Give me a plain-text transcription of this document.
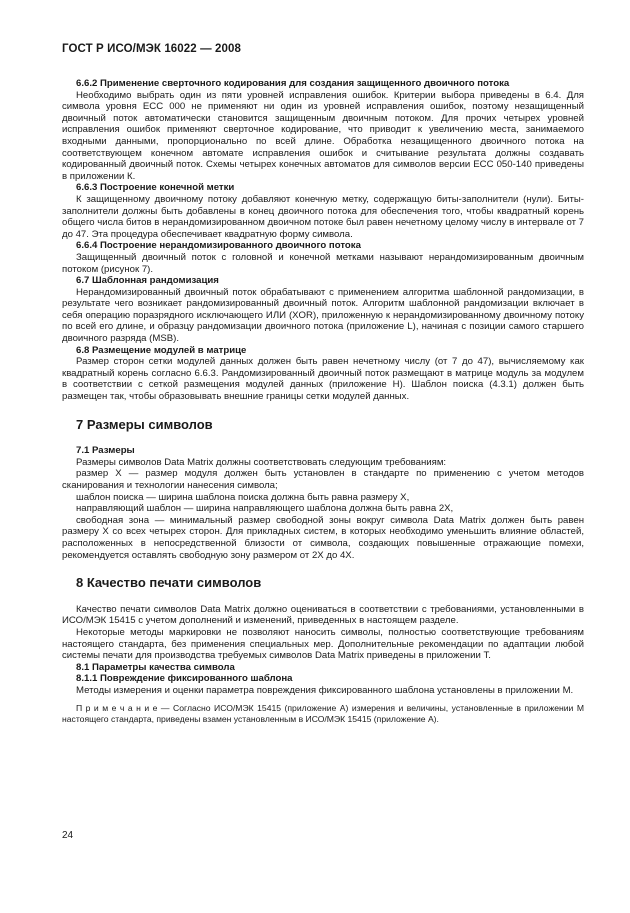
ГОСТ Р ИСО/МЭК 16022 — 2008

6.6.2 Применение сверточного кодирования для создания защищенного двоичного потока

Необходимо выбрать один из пяти уровней исправления ошибок. Критерии выбора приведены в 6.4. Для символа уровня ЕСС 000 не применяют ни один из уровней исправления ошибок, поэтому незащищенный двоичный поток автоматически становится защищенным двоичным потоком. Для прочих четырех уровней исправления ошибок применяют сверточное кодирование, что приводит к увеличению места, занимаемого входными данными, пропорционально по всей длине. Обработка незащищенного двоичного потока на соответствующем конечном автомате исправления ошибок и считывание результата должны создавать кодированный двоичный поток. Схемы четырех конечных автоматов для символов версии ЕСС 050-140 приведены в приложении К.

6.6.3 Построение конечной метки

К защищенному двоичному потоку добавляют конечную метку, содержащую биты-заполнители (нули). Биты-заполнители должны быть добавлены в конец двоичного потока для обеспечения того, чтобы квадратный корень общего числа битов в нерандомизированном двоичном потоке был равен нечетному целому числу в интервале от 7 до 47. Эта процедура обеспечивает квадратную форму символа.

6.6.4 Построение нерандомизированного двоичного потока

Защищенный двоичный поток с головной и конечной метками называют нерандомизированным двоичным потоком (рисунок 7).

6.7 Шаблонная рандомизация

Нерандомизированный двоичный поток обрабатывают с применением алгоритма шаблонной рандомизации, в результате чего возникает рандомизированный двоичный поток. Алгоритм шаблонной рандомизации включает в себя операцию поразрядного исключающего ИЛИ (XOR), приложенную к нерандомизированному двоичному потоку по всей его длине, и образцу рандомизации двоичного потока (приложение L), начиная с позиции самого старшего двоичного разряда (MSB).

6.8 Размещение модулей в матрице

Размер сторон сетки модулей данных должен быть равен нечетному числу (от 7 до 47), вычисляемому как квадратный корень согласно 6.6.3. Рандомизированный двоичный поток размещают в матрице модуль за модулем в соответствии с сеткой размещения модулей данных (приложение Н). Шаблон поиска (4.3.1) должен быть размещен так, чтобы образовывать внешние границы сетки модулей данных.

7 Размеры символов

7.1 Размеры

Размеры символов Data Matrix должны соответствовать следующим требованиям:

размер Х — размер модуля должен быть установлен в стандарте по применению с учетом методов сканирования и технологии нанесения символа;

шаблон поиска — ширина шаблона поиска должна быть равна размеру Х,

направляющий шаблон — ширина направляющего шаблона должна быть равна 2Х,

свободная зона — минимальный размер свободной зоны вокруг символа Data Matrix должен быть равен размеру Х со всех четырех сторон. Для прикладных систем, в которых необходимо уменьшить влияние областей, расположенных в непосредственной близости от символа, создающих повышенные отражающие помехи, рекомендуется оставлять свободную зону размером от 2Х до 4Х.

8 Качество печати символов

Качество печати символов Data Matrix должно оцениваться в соответствии с требованиями, установленными в ИСО/МЭК 15415 с учетом дополнений и изменений, приведенных в настоящем разделе.

Некоторые методы маркировки не позволяют наносить символы, полностью соответствующие требованиям настоящего стандарта, без применения специальных мер. Дополнительные рекомендации по адаптации любой системы печати для производства требуемых символов Data Matrix приведены в приложении Т.

8.1 Параметры качества символа

8.1.1 Повреждение фиксированного шаблона

Методы измерения и оценки параметра повреждения фиксированного шаблона установлены в приложении М.

П р и м е ч а н и е — Согласно ИСО/МЭК 15415 (приложение А) измерения и величины, установленные в приложении М настоящего стандарта, приведены взамен установленным в ИСО/МЭК 15415 (приложение А).

24
